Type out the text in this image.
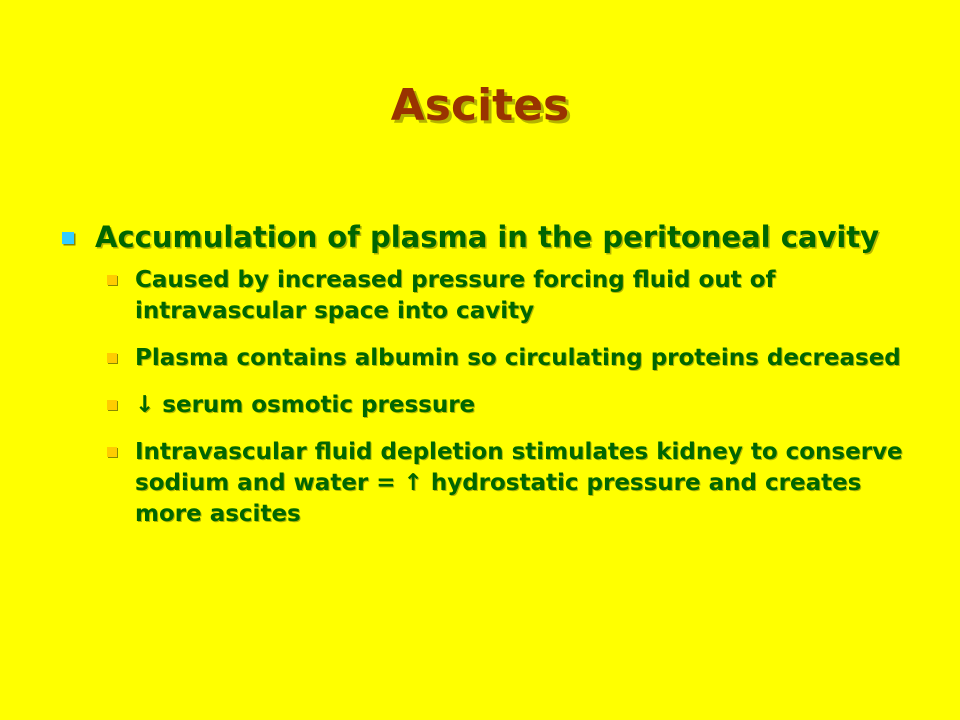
Ascites
Accumulation of plasma in the peritoneal cavity
Caused by increased pressure forcing fluid out of intravascular space into cavity
Plasma contains albumin so circulating proteins decreased
↓ serum osmotic pressure
Intravascular fluid depletion stimulates kidney to conserve sodium and water = ↑ hydrostatic pressure and creates more ascites
